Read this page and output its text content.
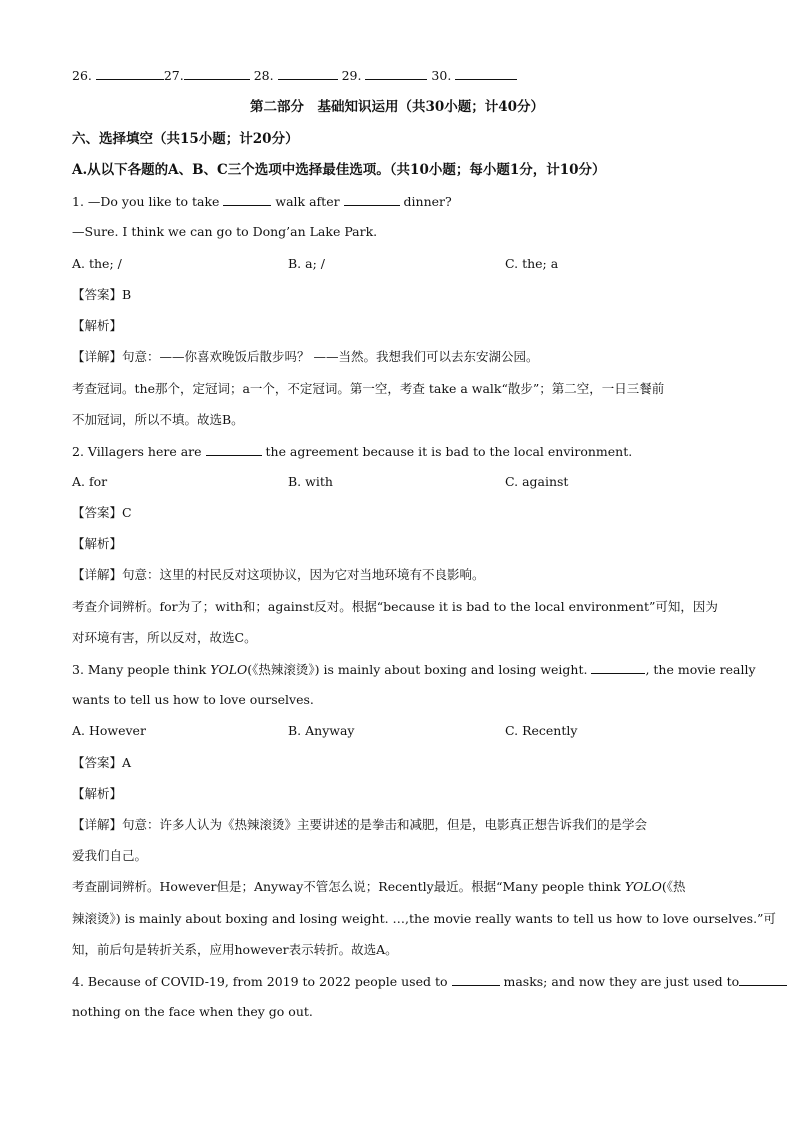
26.	27.	28.	29.	30.
第二部分　基础知识运用（共30小题；计40分）
六、选择填空（共15小题；计20分）
A.从以下各题的A、B、C三个选项中选择最佳选项。（共10小题；每小题1分，计10分）
1. —Do you like to take	walk after	dinner?
—Sure. I think we can go to Dong’an Lake Park.
A. the; /	B. a; /	C. the; a
【答案】B
【解析】
【详解】句意：——你喜欢晚饭后散步吗？ ——当然。我想我们可以去东安湖公园。
考查冠词。the那个，定冠词；a一个，不定冠词。第一空，考查 take a walk“散步”；第二空，一日三餐前
不加冠词，所以不填。故选B。
2. Villagers here are	the agreement because it is bad to the local environment.
A. for	B. with	C. against
【答案】C
【解析】
【详解】句意：这里的村民反对这项协议，因为它对当地环境有不良影响。
考查介词辨析。for为了；with和；against反对。根据“because it is bad to the local environment”可知，因为
对环境有害，所以反对，故选C。
3. Many people think YOLO(《热辣滚烫》) is mainly about boxing and losing weight.	, the movie really
wants to tell us how to love ourselves.
A. However	B. Anyway	C. Recently
【答案】A
【解析】
【详解】句意：许多人认为《热辣滚烫》主要讲述的是拳击和减肥，但是，电影真正想告诉我们的是学会
爱我们自己。
考查副词辨析。However但是；Anyway不管怎么说；Recently最近。根据“Many people think YOLO(《热
辣滚烫》) is mainly about boxing and losing weight. …,the movie really wants to tell us how to love ourselves.”可
知，前后句是转折关系，应用however表示转折。故选A。
4. Because of COVID-19, from 2019 to 2022 people used to	masks; and now they are just used to
nothing on the face when they go out.
